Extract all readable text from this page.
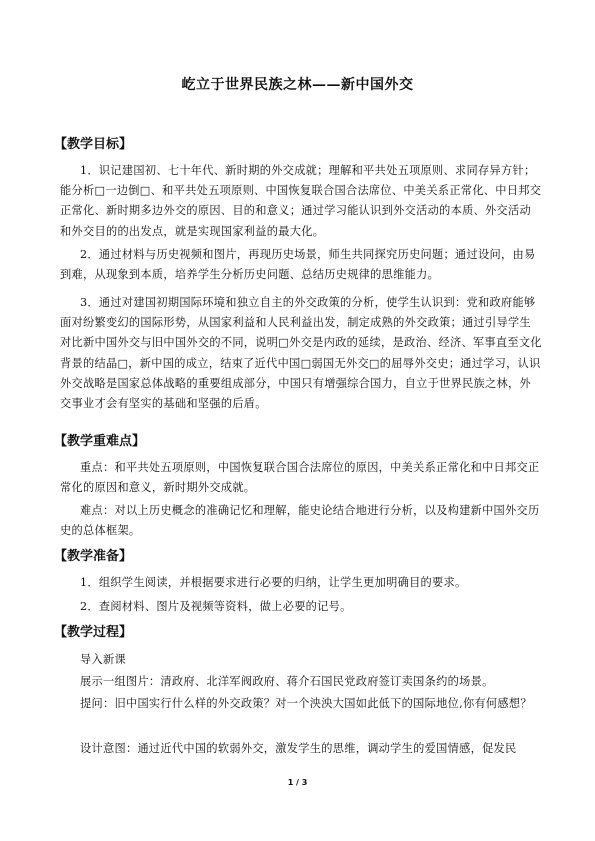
屹立于世界民族之林——新中国外交
【教学目标】
1．识记建国初、七十年代、新时期的外交成就；理解和平共处五项原则、求同存异方针；能分析□一边倒□、和平共处五项原则、中国恢复联合国合法席位、中美关系正常化、中日邦交正常化、新时期多边外交的原因、目的和意义；通过学习能认识到外交活动的本质、外交活动和外交目的的出发点，就是实现国家利益的最大化。
2．通过材料与历史视频和图片，再现历史场景，师生共同探究历史问题；通过设问，由易到难，从现象到本质，培养学生分析历史问题、总结历史规律的思维能力。
3．通过对建国初期国际环境和独立自主的外交政策的分析，使学生认识到：党和政府能够面对纷繁变幻的国际形势，从国家利益和人民利益出发，制定成熟的外交政策；通过引导学生对比新中国外交与旧中国外交的不同，说明□外交是内政的延续，是政治、经济、军事直至文化背景的结晶□，新中国的成立，结束了近代中国□弱国无外交□的屈辱外交史；通过学习，认识外交战略是国家总体战略的重要组成部分，中国只有增强综合国力，自立于世界民族之林，外交事业才会有坚实的基础和坚强的后盾。
【教学重难点】
重点：和平共处五项原则，中国恢复联合国合法席位的原因，中美关系正常化和中日邦交正常化的原因和意义，新时期外交成就。
难点：对以上历史概念的准确记忆和理解，能史论结合地进行分析，以及构建新中国外交历史的总体框架。
【教学准备】
1．组织学生阅读，并根据要求进行必要的归纳，让学生更加明确目的要求。
2．查阅材料、图片及视频等资料，做上必要的记号。
【教学过程】
导入新课
展示一组图片：清政府、北洋军阀政府、蒋介石国民党政府签订卖国条约的场景。
提问：旧中国实行什么样的外交政策？对一个泱泱大国如此低下的国际地位,你有何感想？
设计意图：通过近代中国的软弱外交，激发学生的思维，调动学生的爱国情感，促发民
1 / 3
